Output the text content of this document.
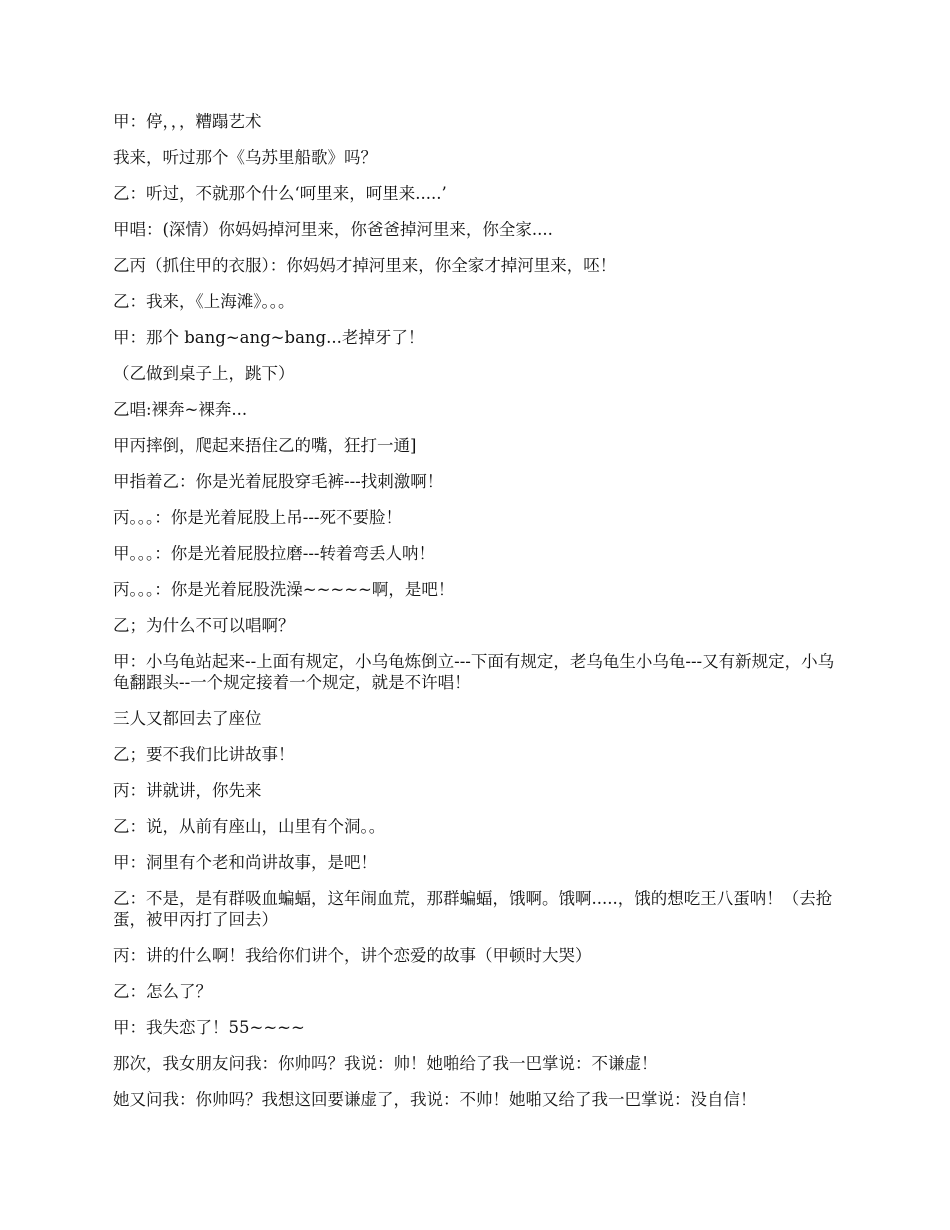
甲：停，，，糟蹋艺术

我来，听过那个《乌苏里船歌》吗？

乙：听过，不就那个什么‘呵里来，呵里来.....’

甲唱：(深情）你妈妈掉河里来，你爸爸掉河里来，你全家....

乙丙（抓住甲的衣服）：你妈妈才掉河里来，你全家才掉河里来，呸！

乙：我来，《上海滩》。。。

甲：那个 bang~ang~bang...老掉牙了！

（乙做到桌子上，跳下）

乙唱:裸奔~裸奔...

甲丙摔倒，爬起来捂住乙的嘴，狂打一通]

甲指着乙：你是光着屁股穿毛裤---找刺激啊！

丙。。。：你是光着屁股上吊---死不要脸！

甲。。。：你是光着屁股拉磨---转着弯丢人呐！

丙。。。：你是光着屁股洗澡~~~~~啊，是吧！

乙；为什么不可以唱啊？

甲：小乌龟站起来--上面有规定，小乌龟炼倒立---下面有规定，老乌龟生小乌龟---又有新规定，小乌龟翻跟头--一个规定接着一个规定，就是不许唱！

三人又都回去了座位

乙；要不我们比讲故事！

丙：讲就讲，你先来

乙：说，从前有座山，山里有个洞。。

甲：洞里有个老和尚讲故事，是吧！

乙：不是，是有群吸血蝙蝠，这年闹血荒，那群蝙蝠，饿啊。饿啊.....，饿的想吃王八蛋呐！（去抢蛋，被甲丙打了回去）

丙：讲的什么啊！我给你们讲个，讲个恋爱的故事（甲顿时大哭）

乙：怎么了？

甲：我失恋了！55~~~~

那次，我女朋友问我：你帅吗？我说：帅！她啪给了我一巴掌说：不谦虚！

她又问我：你帅吗？我想这回要谦虚了，我说：不帅！她啪又给了我一巴掌说：没自信！
